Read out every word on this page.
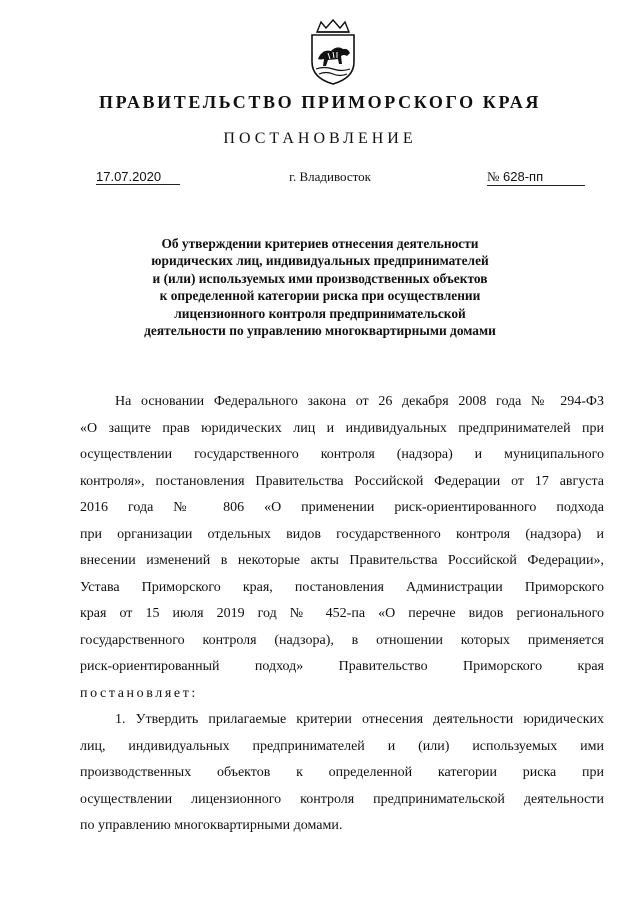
ПРАВИТЕЛЬСТВО ПРИМОРСКОГО КРАЯ
ПОСТАНОВЛЕНИЕ
17.07.2020	г. Владивосток	№ 628-пп
Об утверждении критериев отнесения деятельности
юридических лиц, индивидуальных предпринимателей
и (или) используемых ими производственных объектов
к определенной категории риска при осуществлении
лицензионного контроля предпринимательской
деятельности по управлению многоквартирными домами
На основании Федерального закона от 26 декабря 2008 года № 294-ФЗ
«О защите прав юридических лиц и индивидуальных предпринимателей при
осуществлении государственного контроля (надзора) и муниципального
контроля», постановления Правительства Российской Федерации от 17 августа
2016 года № 806 «О применении риск-ориентированного подхода
при организации отдельных видов государственного контроля (надзора) и
внесении изменений в некоторые акты Правительства Российской Федерации»,
Устава Приморского края, постановления Администрации Приморского
края от 15 июля 2019 год № 452-па «О перечне видов регионального
государственного контроля (надзора), в отношении которых применяется
риск-ориентированный подход» Правительство Приморского края
постановляет:
1. Утвердить прилагаемые критерии отнесения деятельности юридических
лиц, индивидуальных предпринимателей и (или) используемых ими
производственных объектов к определенной категории риска при
осуществлении лицензионного контроля предпринимательской деятельности
по управлению многоквартирными домами.
